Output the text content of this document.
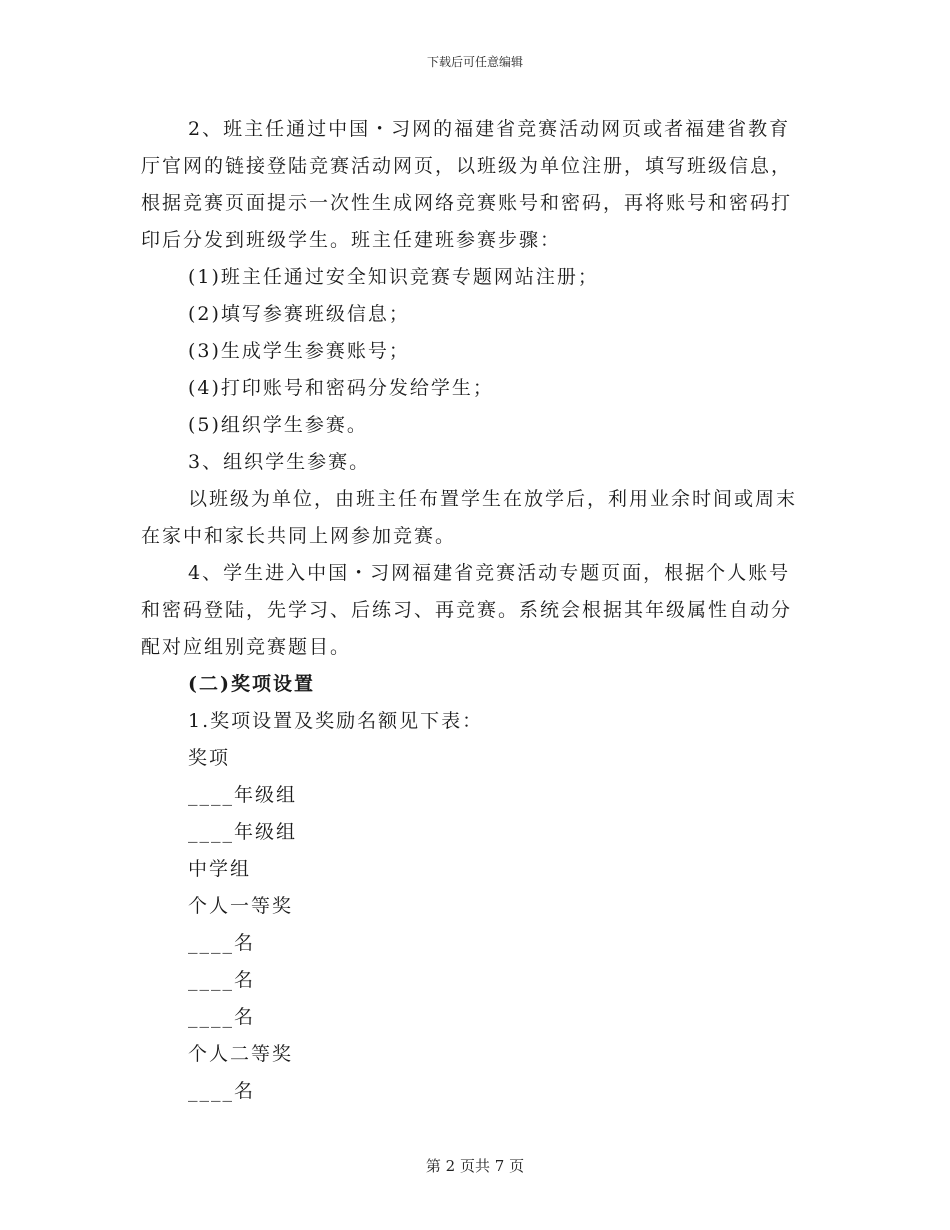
下载后可任意编辑

2、班主任通过中国・习网的福建省竞赛活动网页或者福建省教育厅官网的链接登陆竞赛活动网页，以班级为单位注册，填写班级信息，根据竞赛页面提示一次性生成网络竞赛账号和密码，再将账号和密码打印后分发到班级学生。班主任建班参赛步骤：

(1)班主任通过安全知识竞赛专题网站注册；

(2)填写参赛班级信息；

(3)生成学生参赛账号；

(4)打印账号和密码分发给学生；

(5)组织学生参赛。

3、组织学生参赛。

以班级为单位，由班主任布置学生在放学后，利用业余时间或周末在家中和家长共同上网参加竞赛。

4、学生进入中国・习网福建省竞赛活动专题页面，根据个人账号和密码登陆，先学习、后练习、再竞赛。系统会根据其年级属性自动分配对应组别竞赛题目。

(二)奖项设置

1.奖项设置及奖励名额见下表：

奖项

____年级组

____年级组

中学组

个人一等奖

____名

____名

____名

个人二等奖

____名

第 2 页共 7 页
